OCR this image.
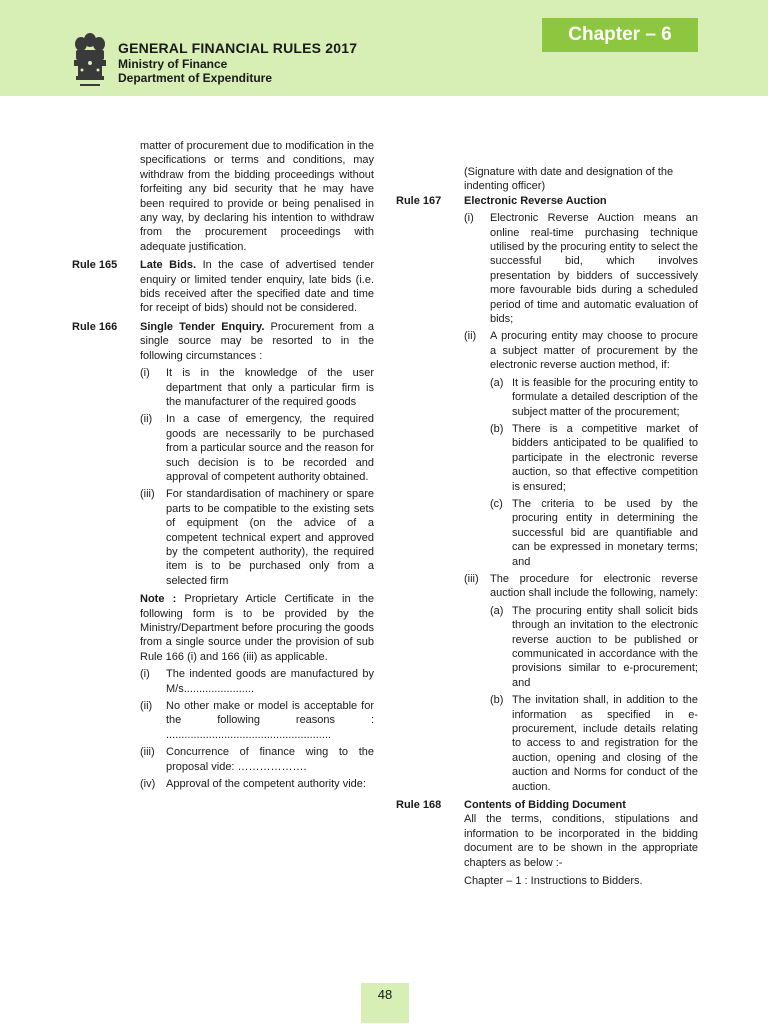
Chapter – 6
GENERAL FINANCIAL RULES 2017
Ministry of Finance
Department of Expenditure
matter of procurement due to modification in the specifications or terms and conditions, may withdraw from the bidding proceedings without forfeiting any bid security that he may have been required to provide or being penalised in any way, by declaring his intention to withdraw from the procurement proceedings with adequate justification.
Rule 165	Late Bids. In the case of advertised tender enquiry or limited tender enquiry, late bids (i.e. bids received after the specified date and time for receipt of bids) should not be considered.
Rule 166	Single Tender Enquiry. Procurement from a single source may be resorted to in the following circumstances :
(i)	It is in the knowledge of the user department that only a particular firm is the manufacturer of the required goods
(ii)	In a case of emergency, the required goods are necessarily to be purchased from a particular source and the reason for such decision is to be recorded and approval of competent authority obtained.
(iii)	For standardisation of machinery or spare parts to be compatible to the existing sets of equipment (on the advice of a competent technical expert and approved by the competent authority), the required item is to be purchased only from a selected firm
Note : Proprietary Article Certificate in the following form is to be provided by the Ministry/Department before procuring the goods from a single source under the provision of sub Rule 166 (i) and 166 (iii) as applicable.
(i)	The indented goods are manufactured by M/s.......................
(ii)	No other make or model is acceptable for the following reasons : ......................................................
(iii)	Concurrence of finance wing to the proposal vide: ……………….
(iv) Approval of the competent authority vide:
(Signature with date and designation of the indenting officer)
Rule 167	Electronic Reverse Auction
(i)	Electronic Reverse Auction means an online real-time purchasing technique utilised by the procuring entity to select the successful bid, which involves presentation by bidders of successively more favourable bids during a scheduled period of time and automatic evaluation of bids;
(ii)	A procuring entity may choose to procure a subject matter of procurement by the electronic reverse auction method, if:
(a) It is feasible for the procuring entity to formulate a detailed description of the subject matter of the procurement;
(b) There is a competitive market of bidders anticipated to be qualified to participate in the electronic reverse auction, so that effective competition is ensured;
(c) The criteria to be used by the procuring entity in determining the successful bid are quantifiable and can be expressed in monetary terms; and
(iii)	The procedure for electronic reverse auction shall include the following, namely:
(a) The procuring entity shall solicit bids through an invitation to the electronic reverse auction to be published or communicated in accordance with the provisions similar to e-procurement; and
(b) The invitation shall, in addition to the information as specified in e-procurement, include details relating to access to and registration for the auction, opening and closing of the auction and Norms for conduct of the auction.
Rule 168	Contents of Bidding Document
All the terms, conditions, stipulations and information to be incorporated in the bidding document are to be shown in the appropriate chapters as below :-
Chapter – 1 : Instructions to Bidders.
48
